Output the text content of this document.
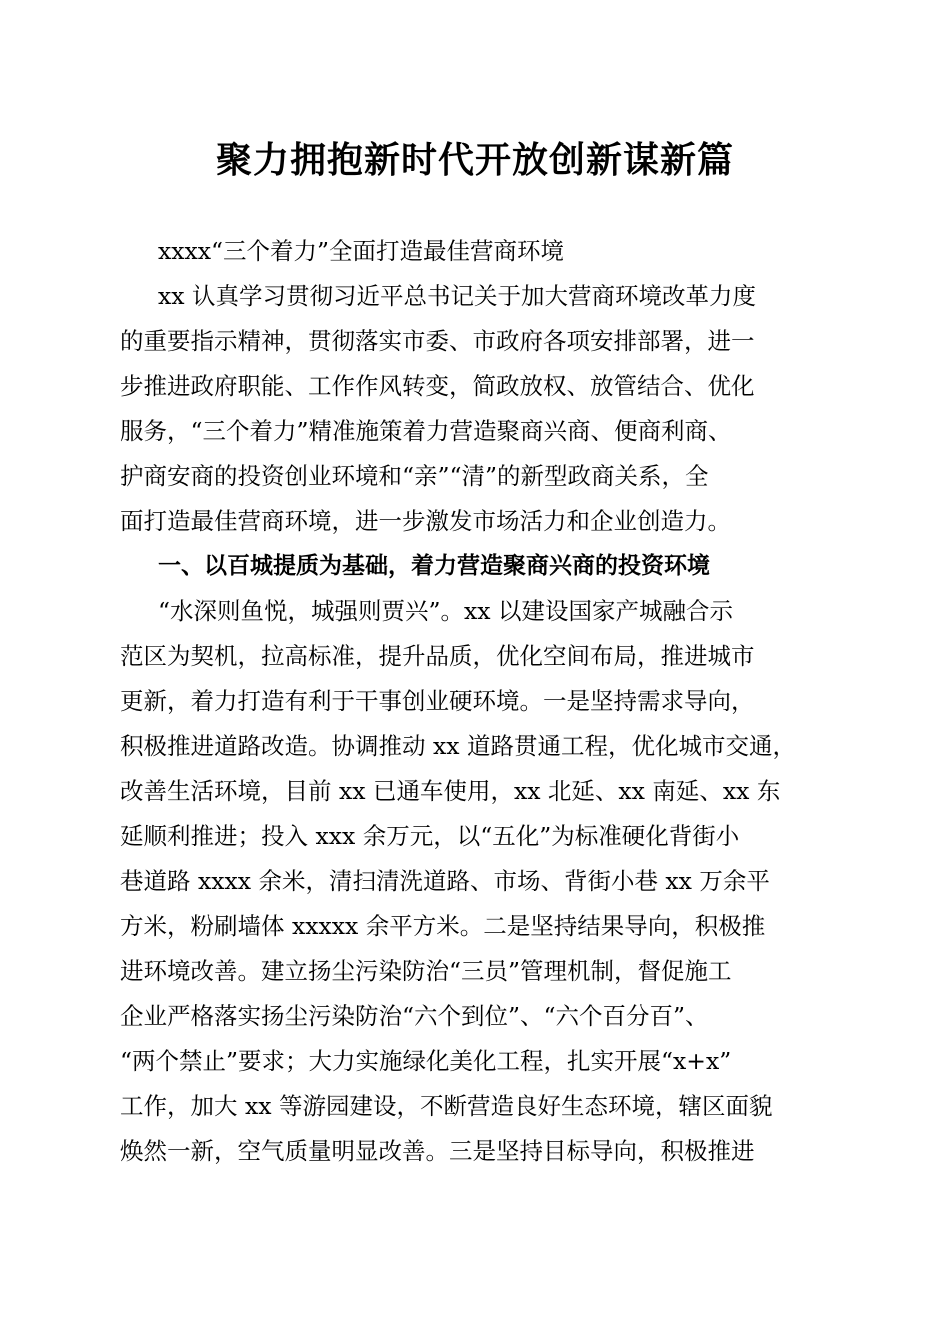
聚力拥抱新时代开放创新谋新篇
xxxx“三个着力”全面打造最佳营商环境
xx 认真学习贯彻习近平总书记关于加大营商环境改革力度
的重要指示精神，贯彻落实市委、市政府各项安排部署，进一
步推进政府职能、工作作风转变，简政放权、放管结合、优化
服务，“三个着力”精准施策着力营造聚商兴商、便商利商、
护商安商的投资创业环境和“亲”“清”的新型政商关系，全
面打造最佳营商环境，进一步激发市场活力和企业创造力。
一、以百城提质为基础，着力营造聚商兴商的投资环境
“水深则鱼悦，城强则贾兴”。xx 以建设国家产城融合示
范区为契机，拉高标准，提升品质，优化空间布局，推进城市
更新，着力打造有利于干事创业硬环境。一是坚持需求导向，
积极推进道路改造。协调推动 xx 道路贯通工程，优化城市交通，
改善生活环境，目前 xx 已通车使用，xx 北延、xx 南延、xx 东
延顺利推进；投入 xxx 余万元，以“五化”为标准硬化背街小
巷道路 xxxx 余米，清扫清洗道路、市场、背街小巷 xx 万余平
方米，粉刷墙体 xxxxx 余平方米。二是坚持结果导向，积极推
进环境改善。建立扬尘污染防治“三员”管理机制，督促施工
企业严格落实扬尘污染防治“六个到位”、“六个百分百”、
“两个禁止”要求；大力实施绿化美化工程，扎实开展“x+x”
工作，加大 xx 等游园建设，不断营造良好生态环境，辖区面貌
焕然一新，空气质量明显改善。三是坚持目标导向，积极推进
